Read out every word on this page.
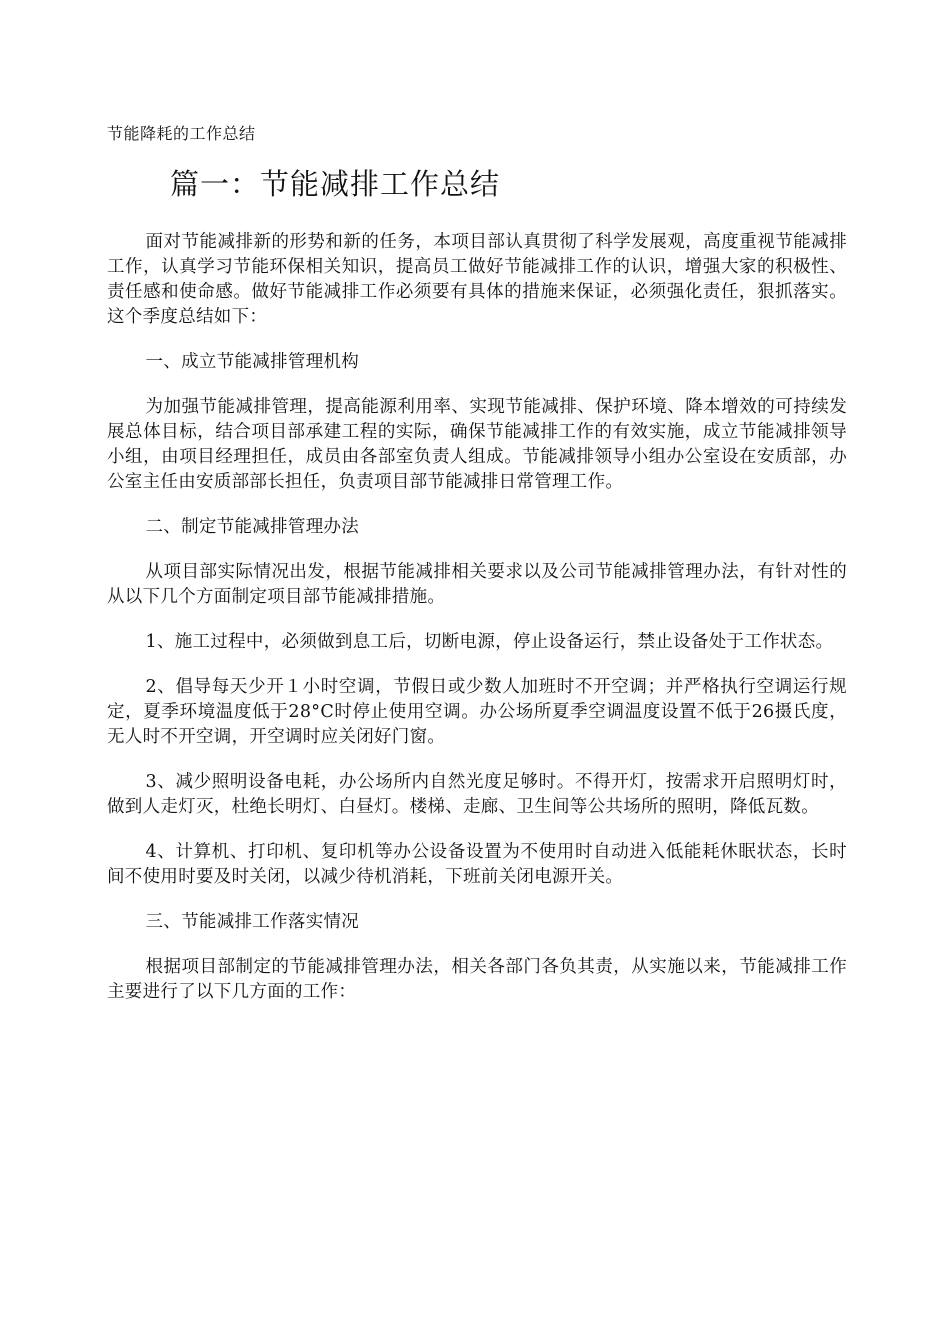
节能降耗的工作总结
篇一：节能减排工作总结

面对节能减排新的形势和新的任务，本项目部认真贯彻了科学发展观，高度重视节能减排工作，认真学习节能环保相关知识，提高员工做好节能减排工作的认识，增强大家的积极性、责任感和使命感。做好节能减排工作必须要有具体的措施来保证，必须强化责任，狠抓落实。这个季度总结如下：

一、成立节能减排管理机构

为加强节能减排管理，提高能源利用率、实现节能减排、保护环境、降本增效的可持续发展总体目标，结合项目部承建工程的实际，确保节能减排工作的有效实施，成立节能减排领导小组，由项目经理担任，成员由各部室负责人组成。节能减排领导小组办公室设在安质部，办公室主任由安质部部长担任，负责项目部节能减排日常管理工作。

二、制定节能减排管理办法

从项目部实际情况出发，根据节能减排相关要求以及公司节能减排管理办法，有针对性的从以下几个方面制定项目部节能减排措施。

1、施工过程中，必须做到息工后，切断电源，停止设备运行，禁止设备处于工作状态。

2、倡导每天少开１小时空调，节假日或少数人加班时不开空调；并严格执行空调运行规定，夏季环境温度低于28°C时停止使用空调。办公场所夏季空调温度设置不低于26摄氏度，无人时不开空调，开空调时应关闭好门窗。

3、减少照明设备电耗，办公场所内自然光度足够时。不得开灯，按需求开启照明灯时，做到人走灯灭，杜绝长明灯、白昼灯。楼梯、走廊、卫生间等公共场所的照明，降低瓦数。

4、计算机、打印机、复印机等办公设备设置为不使用时自动进入低能耗休眠状态，长时间不使用时要及时关闭，以减少待机消耗，下班前关闭电源开关。

三、节能减排工作落实情况

根据项目部制定的节能减排管理办法，相关各部门各负其责，从实施以来，节能减排工作主要进行了以下几方面的工作：
